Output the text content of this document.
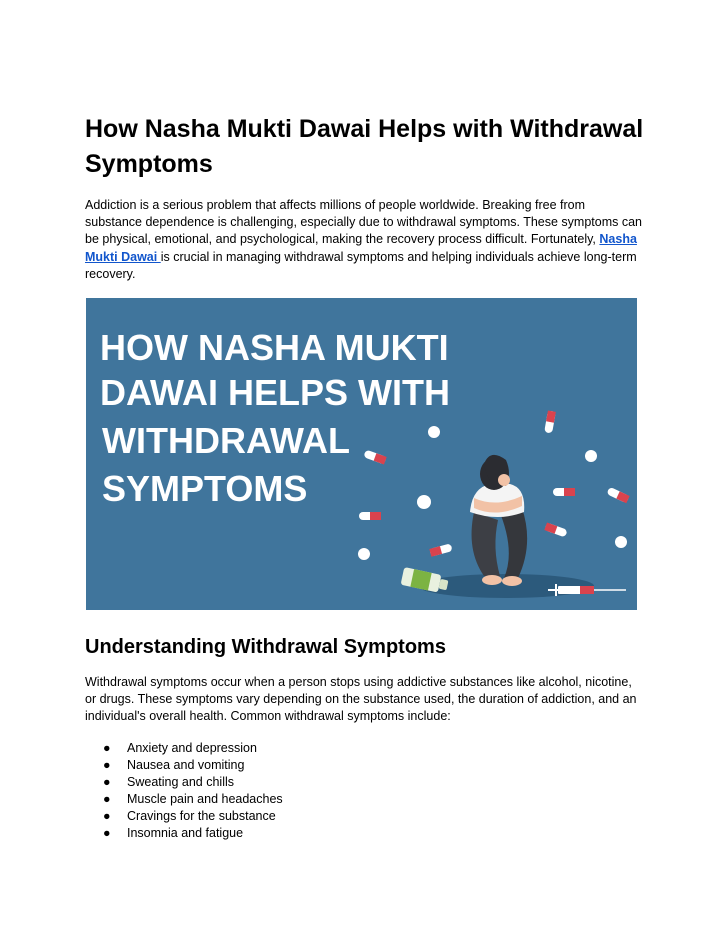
How Nasha Mukti Dawai Helps with Withdrawal Symptoms

Addiction is a serious problem that affects millions of people worldwide. Breaking free from substance dependence is challenging, especially due to withdrawal symptoms. These symptoms can be physical, emotional, and psychological, making the recovery process difficult. Fortunately, Nasha Mukti Dawai is crucial in managing withdrawal symptoms and helping individuals achieve long-term recovery.

HOW NASHA MUKTI
DAWAI HELPS WITH
WITHDRAWAL
SYMPTOMS
Understanding Withdrawal Symptoms

Withdrawal symptoms occur when a person stops using addictive substances like alcohol, nicotine, or drugs. These symptoms vary depending on the substance used, the duration of addiction, and an individual's overall health. Common withdrawal symptoms include:

● Anxiety and depression
● Nausea and vomiting
● Sweating and chills
● Muscle pain and headaches
● Cravings for the substance
● Insomnia and fatigue
